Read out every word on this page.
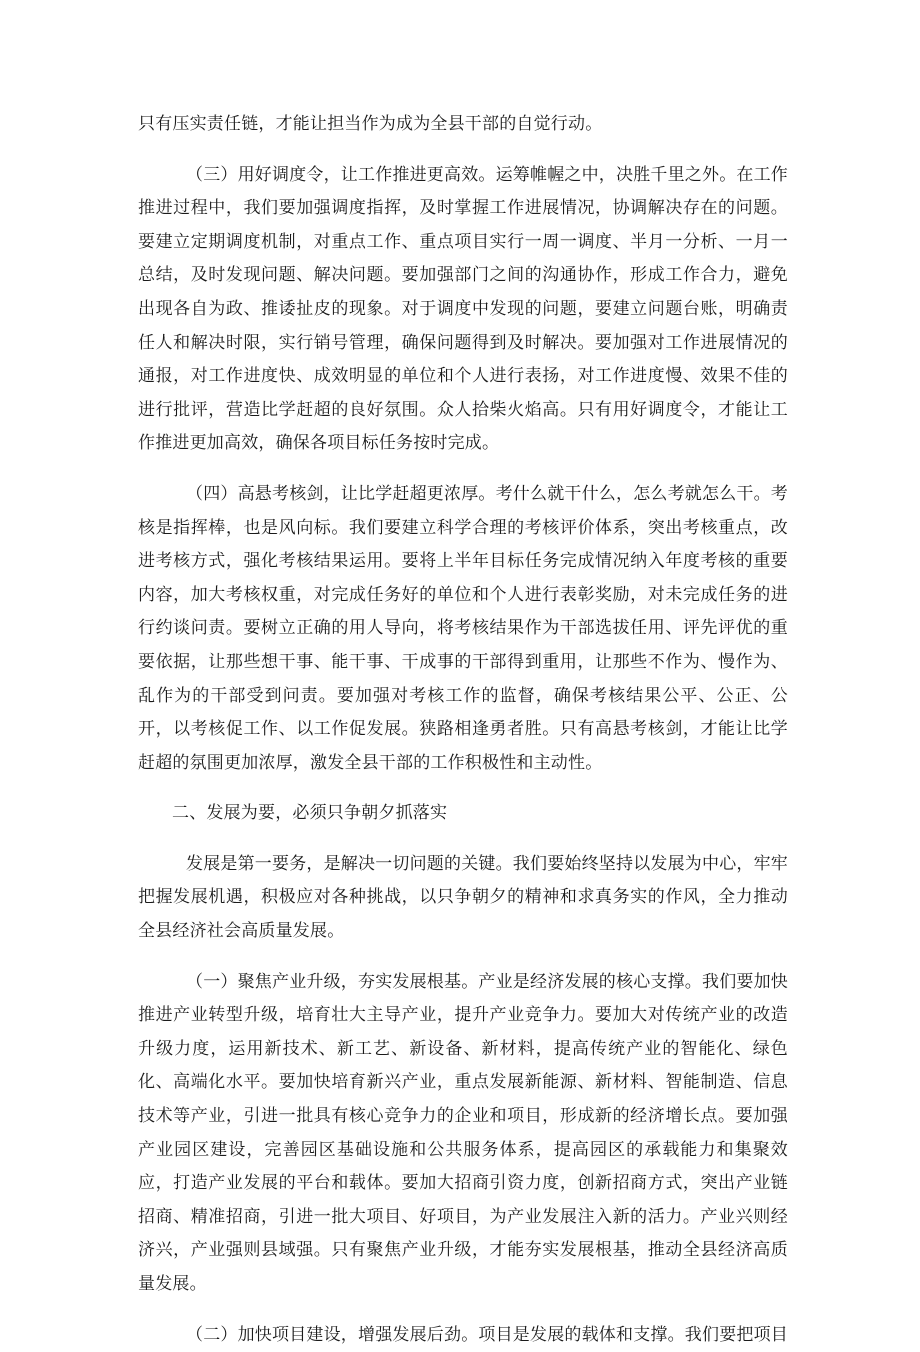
只有压实责任链，才能让担当作为成为全县干部的自觉行动。

（三）用好调度令，让工作推进更高效。运筹帷幄之中，决胜千里之外。在工作推进过程中，我们要加强调度指挥，及时掌握工作进展情况，协调解决存在的问题。要建立定期调度机制，对重点工作、重点项目实行一周一调度、半月一分析、一月一总结，及时发现问题、解决问题。要加强部门之间的沟通协作，形成工作合力，避免出现各自为政、推诿扯皮的现象。对于调度中发现的问题，要建立问题台账，明确责任人和解决时限，实行销号管理，确保问题得到及时解决。要加强对工作进展情况的通报，对工作进度快、成效明显的单位和个人进行表扬，对工作进度慢、效果不佳的进行批评，营造比学赶超的良好氛围。众人拾柴火焰高。只有用好调度令，才能让工作推进更加高效，确保各项目标任务按时完成。

（四）高悬考核剑，让比学赶超更浓厚。考什么就干什么，怎么考就怎么干。考核是指挥棒，也是风向标。我们要建立科学合理的考核评价体系，突出考核重点，改进考核方式，强化考核结果运用。要将上半年目标任务完成情况纳入年度考核的重要内容，加大考核权重，对完成任务好的单位和个人进行表彰奖励，对未完成任务的进行约谈问责。要树立正确的用人导向，将考核结果作为干部选拔任用、评先评优的重要依据，让那些想干事、能干事、干成事的干部得到重用，让那些不作为、慢作为、乱作为的干部受到问责。要加强对考核工作的监督，确保考核结果公平、公正、公开，以考核促工作、以工作促发展。狭路相逢勇者胜。只有高悬考核剑，才能让比学赶超的氛围更加浓厚，激发全县干部的工作积极性和主动性。

二、发展为要，必须只争朝夕抓落实

发展是第一要务，是解决一切问题的关键。我们要始终坚持以发展为中心，牢牢把握发展机遇，积极应对各种挑战，以只争朝夕的精神和求真务实的作风，全力推动全县经济社会高质量发展。

（一）聚焦产业升级，夯实发展根基。产业是经济发展的核心支撑。我们要加快推进产业转型升级，培育壮大主导产业，提升产业竞争力。要加大对传统产业的改造升级力度，运用新技术、新工艺、新设备、新材料，提高传统产业的智能化、绿色化、高端化水平。要加快培育新兴产业，重点发展新能源、新材料、智能制造、信息技术等产业，引进一批具有核心竞争力的企业和项目，形成新的经济增长点。要加强产业园区建设，完善园区基础设施和公共服务体系，提高园区的承载能力和集聚效应，打造产业发展的平台和载体。要加大招商引资力度，创新招商方式，突出产业链招商、精准招商，引进一批大项目、好项目，为产业发展注入新的活力。产业兴则经济兴，产业强则县域强。只有聚焦产业升级，才能夯实发展根基，推动全县经济高质量发展。

（二）加快项目建设，增强发展后劲。项目是发展的载体和支撑。我们要把项目
